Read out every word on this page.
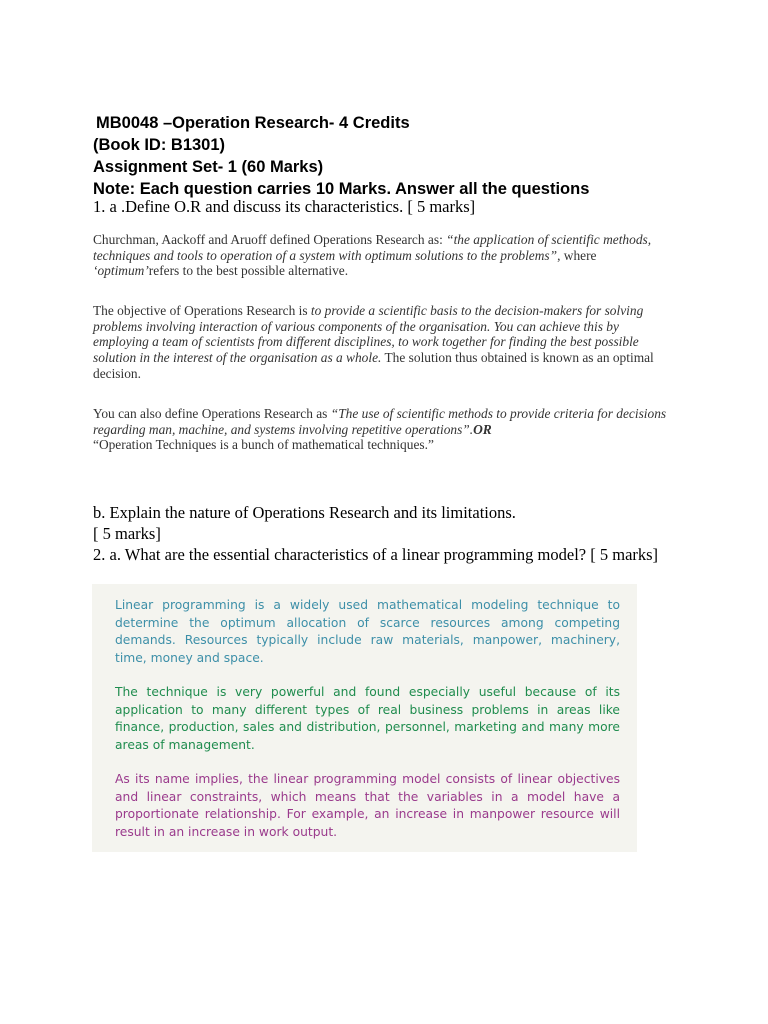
MB0048 –Operation Research- 4 Credits
(Book ID: B1301)
Assignment Set- 1 (60 Marks)
Note: Each question carries 10 Marks. Answer all the questions
1. a .Define O.R and discuss its characteristics. [ 5 marks]
Churchman, Aackoff and Aruoff defined Operations Research as: “the application of scientific methods, techniques and tools to operation of a system with optimum solutions to the problems”, where ‘optimum’refers to the best possible alternative.
The objective of Operations Research is to provide a scientific basis to the decision-makers for solving problems involving interaction of various components of the organisation. You can achieve this by employing a team of scientists from different disciplines, to work together for finding the best possible solution in the interest of the organisation as a whole. The solution thus obtained is known as an optimal decision.
You can also define Operations Research as “The use of scientific methods to provide criteria for decisions regarding man, machine, and systems involving repetitive operations”.OR
“Operation Techniques is a bunch of mathematical techniques.”
b. Explain the nature of Operations Research and its limitations.
[ 5 marks]
2. a. What are the essential characteristics of a linear programming model? [ 5 marks]
Linear programming is a widely used mathematical modeling technique to determine the optimum allocation of scarce resources among competing demands. Resources typically include raw materials, manpower, machinery, time, money and space.
The technique is very powerful and found especially useful because of its application to many different types of real business problems in areas like finance, production, sales and distribution, personnel, marketing and many more areas of management.
As its name implies, the linear programming model consists of linear objectives and linear constraints, which means that the variables in a model have a proportionate relationship. For example, an increase in manpower resource will result in an increase in work output.
